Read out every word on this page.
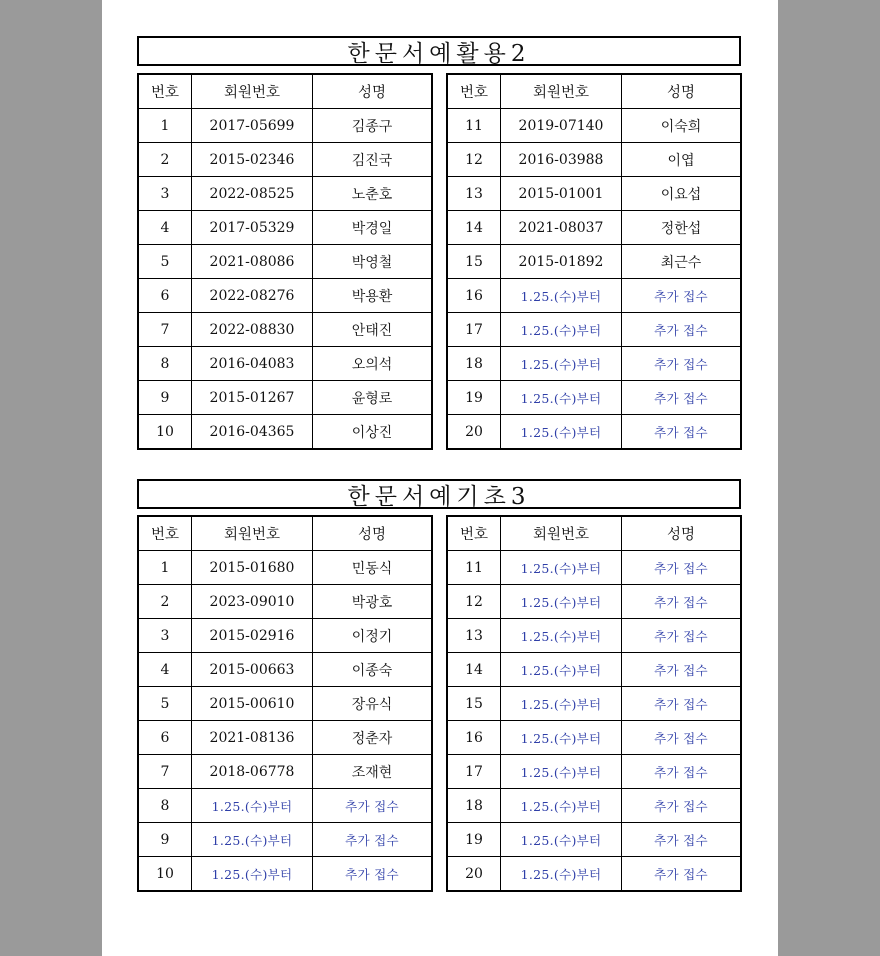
한문서예활용2
번호	회원번호	성명
1	2017-05699	김종구
2	2015-02346	김진국
3	2022-08525	노춘호
4	2017-05329	박경일
5	2021-08086	박영철
6	2022-08276	박용환
7	2022-08830	안태진
8	2016-04083	오의석
9	2015-01267	윤형로
10	2016-04365	이상진
번호	회원번호	성명
11	2019-07140	이숙희
12	2016-03988	이엽
13	2015-01001	이요섭
14	2021-08037	정한섭
15	2015-01892	최근수
16	1.25.(수)부터	추가 접수
17	1.25.(수)부터	추가 접수
18	1.25.(수)부터	추가 접수
19	1.25.(수)부터	추가 접수
20	1.25.(수)부터	추가 접수
한문서예기초3
번호	회원번호	성명
1	2015-01680	민동식
2	2023-09010	박광호
3	2015-02916	이정기
4	2015-00663	이종숙
5	2015-00610	장유식
6	2021-08136	정춘자
7	2018-06778	조재현
8	1.25.(수)부터	추가 접수
9	1.25.(수)부터	추가 접수
10	1.25.(수)부터	추가 접수
번호	회원번호	성명
11	1.25.(수)부터	추가 접수
12	1.25.(수)부터	추가 접수
13	1.25.(수)부터	추가 접수
14	1.25.(수)부터	추가 접수
15	1.25.(수)부터	추가 접수
16	1.25.(수)부터	추가 접수
17	1.25.(수)부터	추가 접수
18	1.25.(수)부터	추가 접수
19	1.25.(수)부터	추가 접수
20	1.25.(수)부터	추가 접수
